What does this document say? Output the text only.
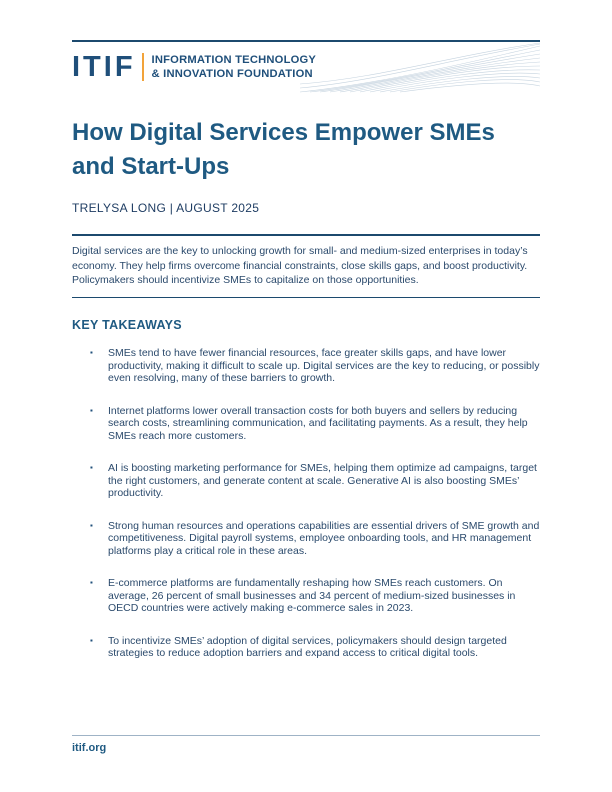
ITIF INFORMATION TECHNOLOGY
& INNOVATION FOUNDATION
How Digital Services Empower SMEs
and Start-Ups
TRELYSA LONG | AUGUST 2025

Digital services are the key to unlocking growth for small- and medium-sized enterprises in today’s economy. They help firms overcome financial constraints, close skills gaps, and boost productivity. Policymakers should incentivize SMEs to capitalize on those opportunities.

KEY TAKEAWAYS
▪ SMEs tend to have fewer financial resources, face greater skills gaps, and have lower productivity, making it difficult to scale up. Digital services are the key to reducing, or possibly even resolving, many of these barriers to growth.
▪ Internet platforms lower overall transaction costs for both buyers and sellers by reducing search costs, streamlining communication, and facilitating payments. As a result, they help SMEs reach more customers.
▪ AI is boosting marketing performance for SMEs, helping them optimize ad campaigns, target the right customers, and generate content at scale. Generative AI is also boosting SMEs’ productivity.
▪ Strong human resources and operations capabilities are essential drivers of SME growth and competitiveness. Digital payroll systems, employee onboarding tools, and HR management platforms play a critical role in these areas.
▪ E-commerce platforms are fundamentally reshaping how SMEs reach customers. On average, 26 percent of small businesses and 34 percent of medium-sized businesses in OECD countries were actively making e-commerce sales in 2023.
▪ To incentivize SMEs’ adoption of digital services, policymakers should design targeted strategies to reduce adoption barriers and expand access to critical digital tools.
itif.org
